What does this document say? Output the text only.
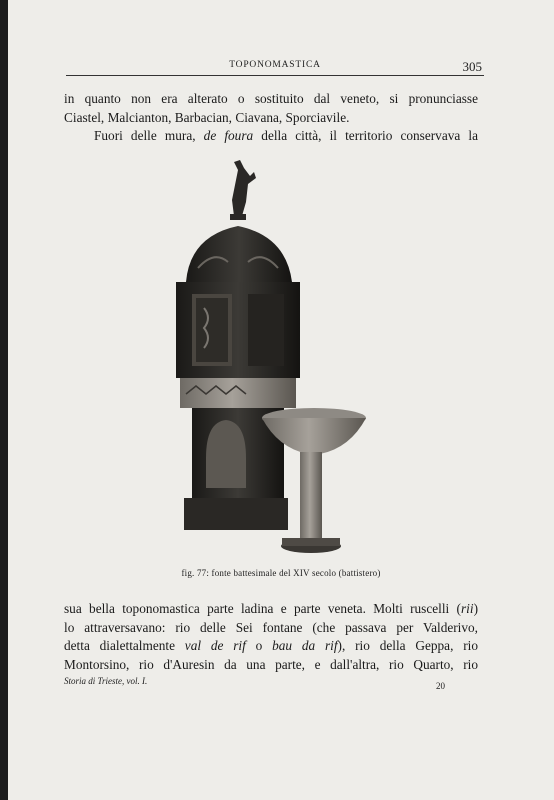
TOPONOMASTICA	305
in quanto non era alterato o sostituito dal veneto, si pronunciasse
Ciastel, Malcianton, Barbacian, Ciavana, Sporciavile.
Fuori delle mura, de foura della città, il territorio conservava la
fig. 77: fonte battesimale del XIV secolo (battistero)
sua bella toponomastica parte ladina e parte veneta. Molti ruscelli (rii)
lo attraversavano: rio delle Sei fontane (che passava per Valderivo,
detta dialettalmente val de rif o bau da rif), rio della Geppa, rio
Montorsino, rio d'Auresin da una parte, e dall'altra, rio Quarto, rio
Storia di Trieste, vol. I.	20
